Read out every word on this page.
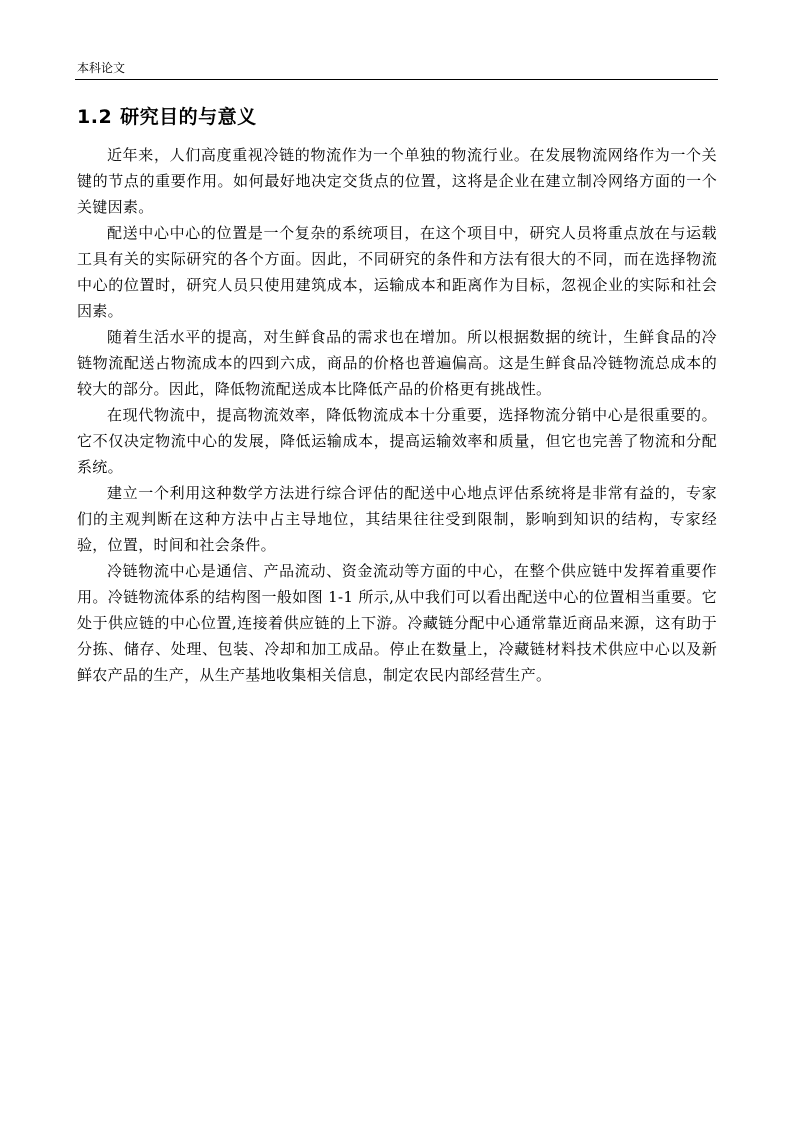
本科论文
1.2 研究目的与意义

近年来，人们高度重视冷链的物流作为一个单独的物流行业。在发展物流网络作为一个关键的节点的重要作用。如何最好地决定交货点的位置，这将是企业在建立制冷网络方面的一个关键因素。

配送中心中心的位置是一个复杂的系统项目，在这个项目中，研究人员将重点放在与运载工具有关的实际研究的各个方面。因此，不同研究的条件和方法有很大的不同，而在选择物流中心的位置时，研究人员只使用建筑成本，运输成本和距离作为目标，忽视企业的实际和社会因素。

随着生活水平的提高，对生鲜食品的需求也在增加。所以根据数据的统计，生鲜食品的冷链物流配送占物流成本的四到六成，商品的价格也普遍偏高。这是生鲜食品冷链物流总成本的较大的部分。因此，降低物流配送成本比降低产品的价格更有挑战性。

在现代物流中，提高物流效率，降低物流成本十分重要，选择物流分销中心是很重要的。它不仅决定物流中心的发展，降低运输成本，提高运输效率和质量，但它也完善了物流和分配系统。

建立一个利用这种数学方法进行综合评估的配送中心地点评估系统将是非常有益的，专家们的主观判断在这种方法中占主导地位，其结果往往受到限制，影响到知识的结构，专家经验，位置，时间和社会条件。

冷链物流中心是通信、产品流动、资金流动等方面的中心，在整个供应链中发挥着重要作用。冷链物流体系的结构图一般如图 1-1 所示,从中我们可以看出配送中心的位置相当重要。它处于供应链的中心位置,连接着供应链的上下游。冷藏链分配中心通常靠近商品来源，这有助于分拣、储存、处理、包装、冷却和加工成品。停止在数量上，冷藏链材料技术供应中心以及新鲜农产品的生产，从生产基地收集相关信息，制定农民内部经营生产。
